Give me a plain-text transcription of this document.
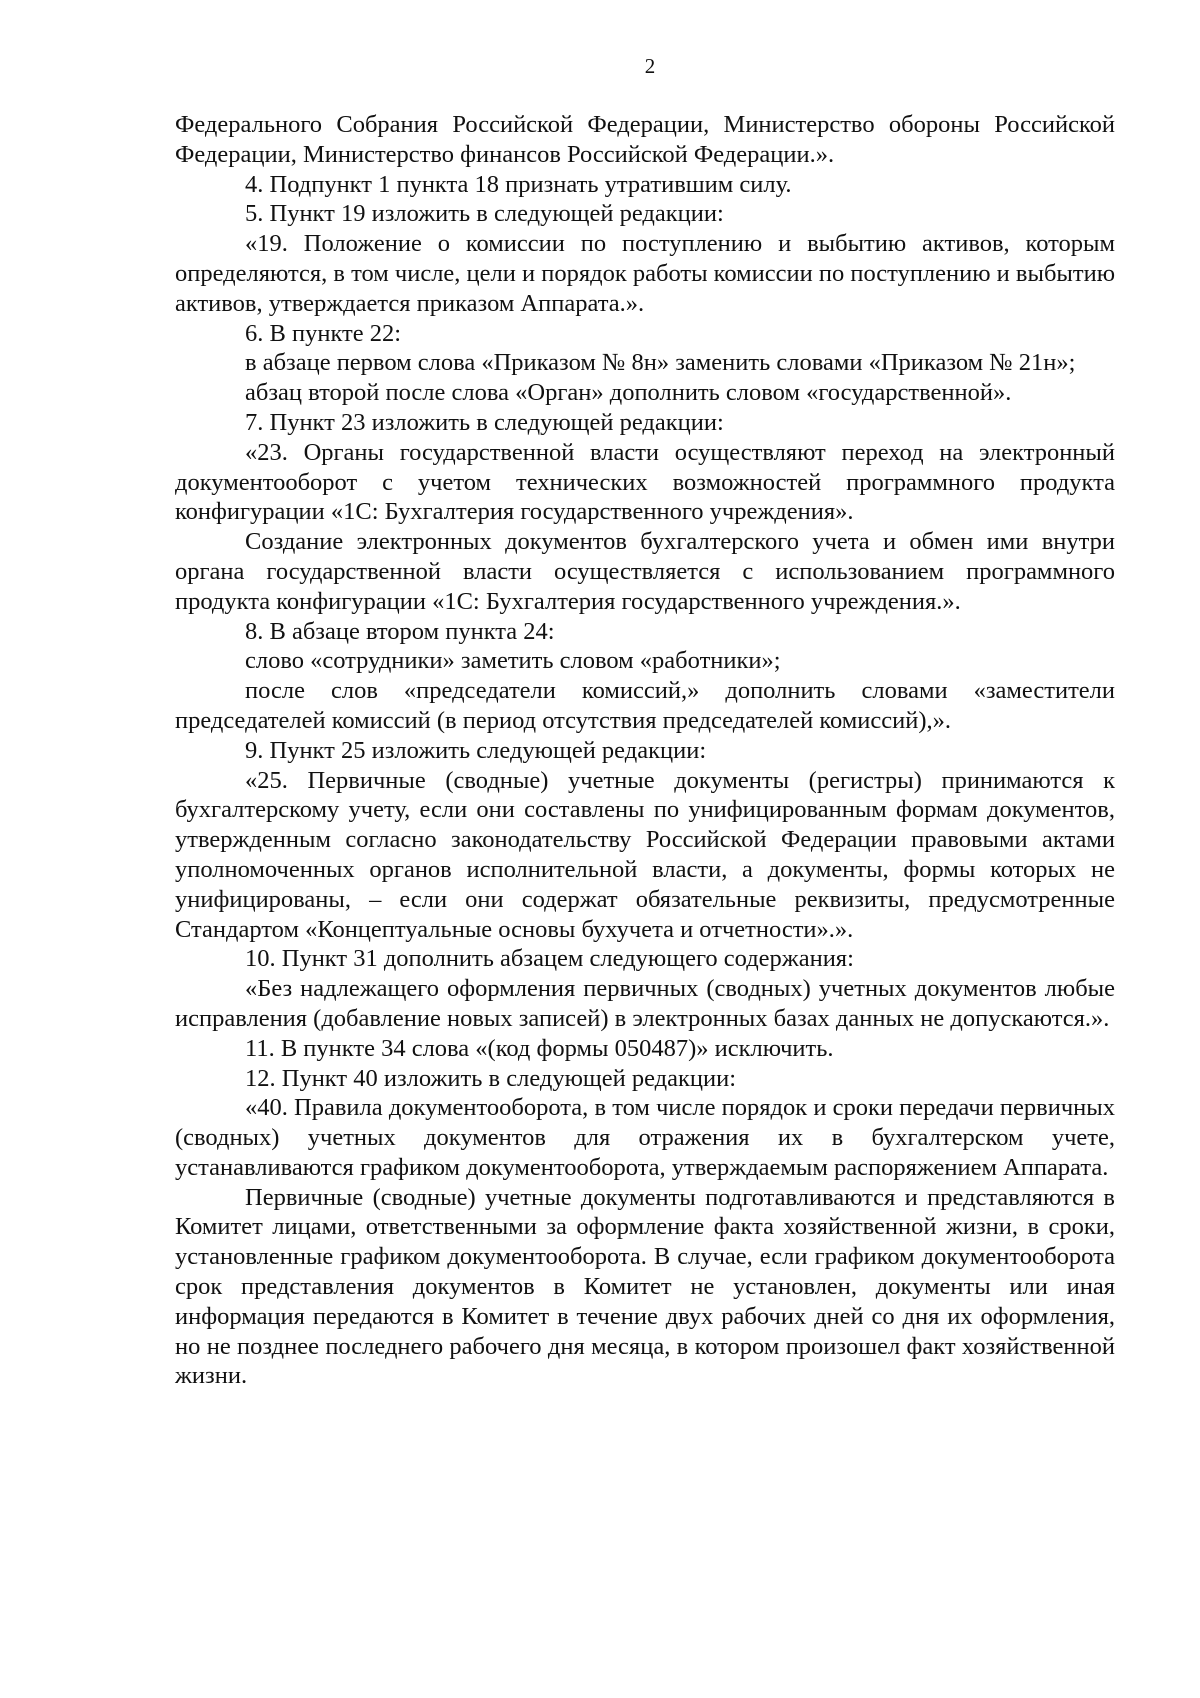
2

Федерального Собрания Российской Федерации, Министерство обороны Российской Федерации, Министерство финансов Российской Федерации.».

4. Подпункт 1 пункта 18 признать утратившим силу.

5. Пункт 19 изложить в следующей редакции:

«19. Положение о комиссии по поступлению и выбытию активов, которым определяются, в том числе, цели и порядок работы комиссии по поступлению и выбытию активов, утверждается приказом Аппарата.».

6. В пункте 22:

в абзаце первом слова «Приказом № 8н» заменить словами «Приказом № 21н»;

абзац второй после слова «Орган» дополнить словом «государственной».

7. Пункт 23 изложить в следующей редакции:

«23. Органы государственной власти осуществляют переход на электронный документооборот с учетом технических возможностей программного продукта конфигурации «1С: Бухгалтерия государственного учреждения».

Создание электронных документов бухгалтерского учета и обмен ими внутри органа государственной власти осуществляется с использованием программного продукта конфигурации «1С: Бухгалтерия государственного учреждения.».

8. В абзаце втором пункта 24:

слово «сотрудники» заметить словом «работники»;

после слов «председатели комиссий,» дополнить словами «заместители председателей комиссий (в период отсутствия председателей комиссий),».

9. Пункт 25 изложить следующей редакции:

«25. Первичные (сводные) учетные документы (регистры) принимаются к бухгалтерскому учету, если они составлены по унифицированным формам документов, утвержденным согласно законодательству Российской Федерации правовыми актами уполномоченных органов исполнительной власти, а документы, формы которых не унифицированы, – если они содержат обязательные реквизиты, предусмотренные Стандартом «Концептуальные основы бухучета и отчетности».».

10. Пункт 31 дополнить абзацем следующего содержания:

«Без надлежащего оформления первичных (сводных) учетных документов любые исправления (добавление новых записей) в электронных базах данных не допускаются.».

11. В пункте 34 слова «(код формы 050487)» исключить.

12. Пункт 40 изложить в следующей редакции:

«40. Правила документооборота, в том числе порядок и сроки передачи первичных (сводных) учетных документов для отражения их в бухгалтерском учете, устанавливаются графиком документооборота, утверждаемым распоряжением Аппарата.

Первичные (сводные) учетные документы подготавливаются и представляются в Комитет лицами, ответственными за оформление факта хозяйственной жизни, в сроки, установленные графиком документооборота. В случае, если графиком документооборота срок представления документов в Комитет не установлен, документы или иная информация передаются в Комитет в течение двух рабочих дней со дня их оформления, но не позднее последнего рабочего дня месяца, в котором произошел факт хозяйственной жизни.
